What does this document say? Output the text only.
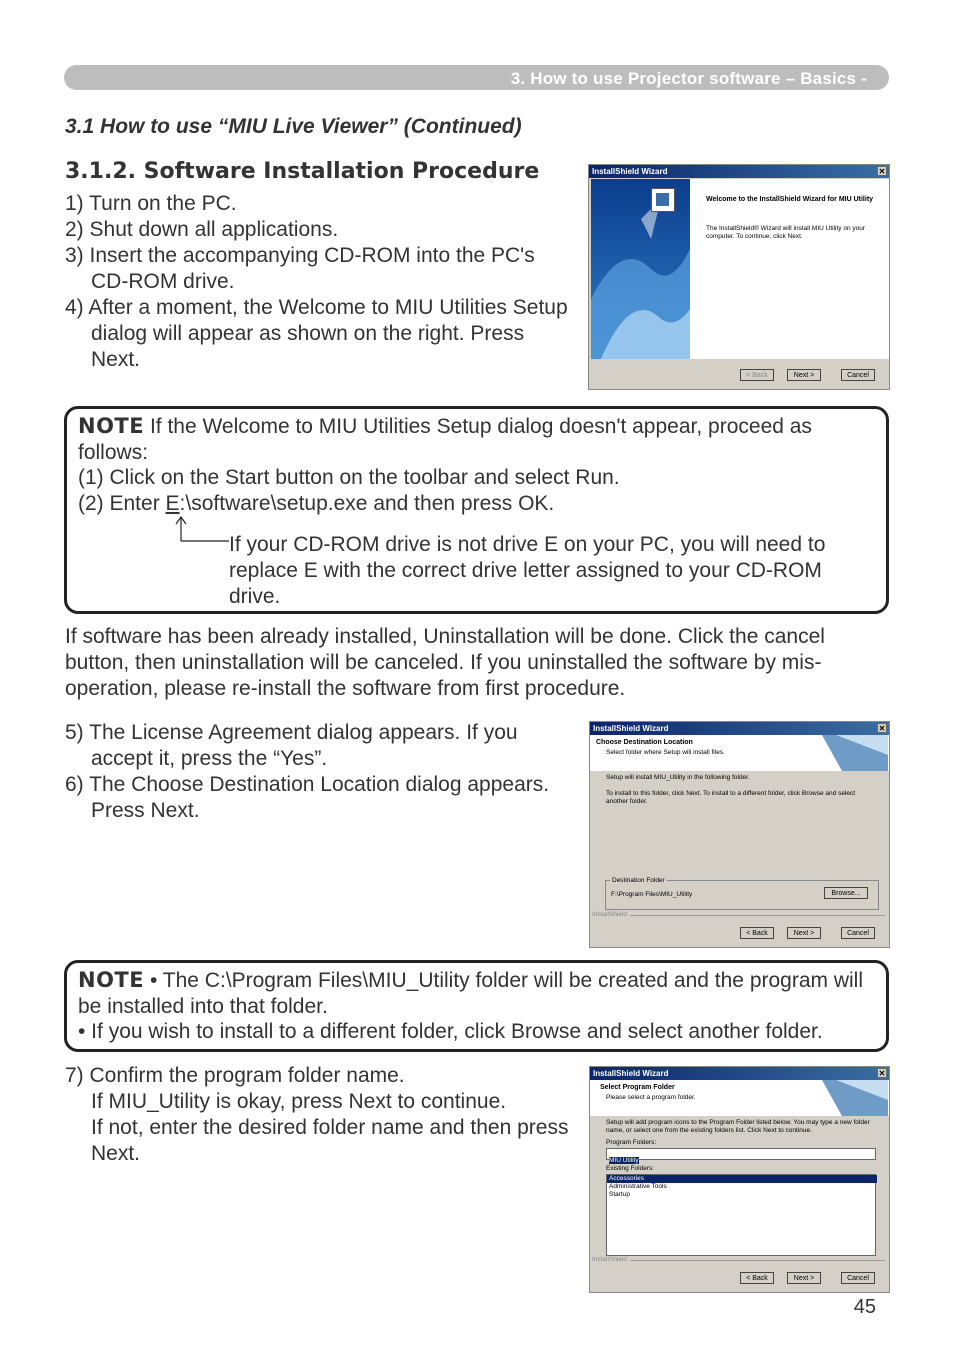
3. How to use Projector software – Basics -
3.1 How to use “MIU Live Viewer” (Continued)
3.1.2. Software Installation Procedure

1) Turn on the PC.

2) Shut down all applications.

3) Insert the accompanying CD-ROM into the PC's CD-ROM drive.

4) After a moment, the Welcome to MIU Utilities Setup dialog will appear as shown on the right. Press Next.

InstallShield Wizard	✕
Welcome to the InstallShield Wizard for MIU Utility
The InstallShield® Wizard will install MIU Utility on your computer. To continue, click Next.
< Back	Next >	Cancel
NOTE If the Welcome to MIU Utilities Setup dialog doesn't appear, proceed as follows:
(1) Click on the Start button on the toolbar and select Run.
(2) Enter E:\software\setup.exe and then press OK.
If your CD-ROM drive is not drive E on your PC, you will need to replace E with the correct drive letter assigned to your CD-ROM drive.
If software has been already installed, Uninstallation will be done. Click the cancel button, then uninstallation will be canceled. If you uninstalled the software by mis-operation, please re-install the software from first procedure.

5) The License Agreement dialog appears. If you accept it, press the “Yes”.

6) The Choose Destination Location dialog appears. Press Next.

InstallShield Wizard	✕
Choose Destination Location
Select folder where Setup will install files.
Setup will install MIU_Utility in the following folder.
To install to this folder, click Next. To install to a different folder, click Browse and select another folder.
Destination Folder
F:\Program Files\MIU_Utility	Browse...
InstallShield
< Back	Next >	Cancel
NOTE • The C:\Program Files\MIU_Utility folder will be created and the program will be installed into that folder.
• If you wish to install to a different folder, click Browse and select another folder.
7) Confirm the program folder name.
If MIU_Utility is okay, press Next to continue.
If not, enter the desired folder name and then press Next.
InstallShield Wizard	✕
Select Program Folder
Please select a program folder.
Setup will add program icons to the Program Folder listed below. You may type a new folder name, or select one from the existing folders list. Click Next to continue.
Program Folders:
MIU Utility
Existing Folders:
Accessories
Administrative Tools
Startup
InstallShield
< Back	Next >	Cancel
45
